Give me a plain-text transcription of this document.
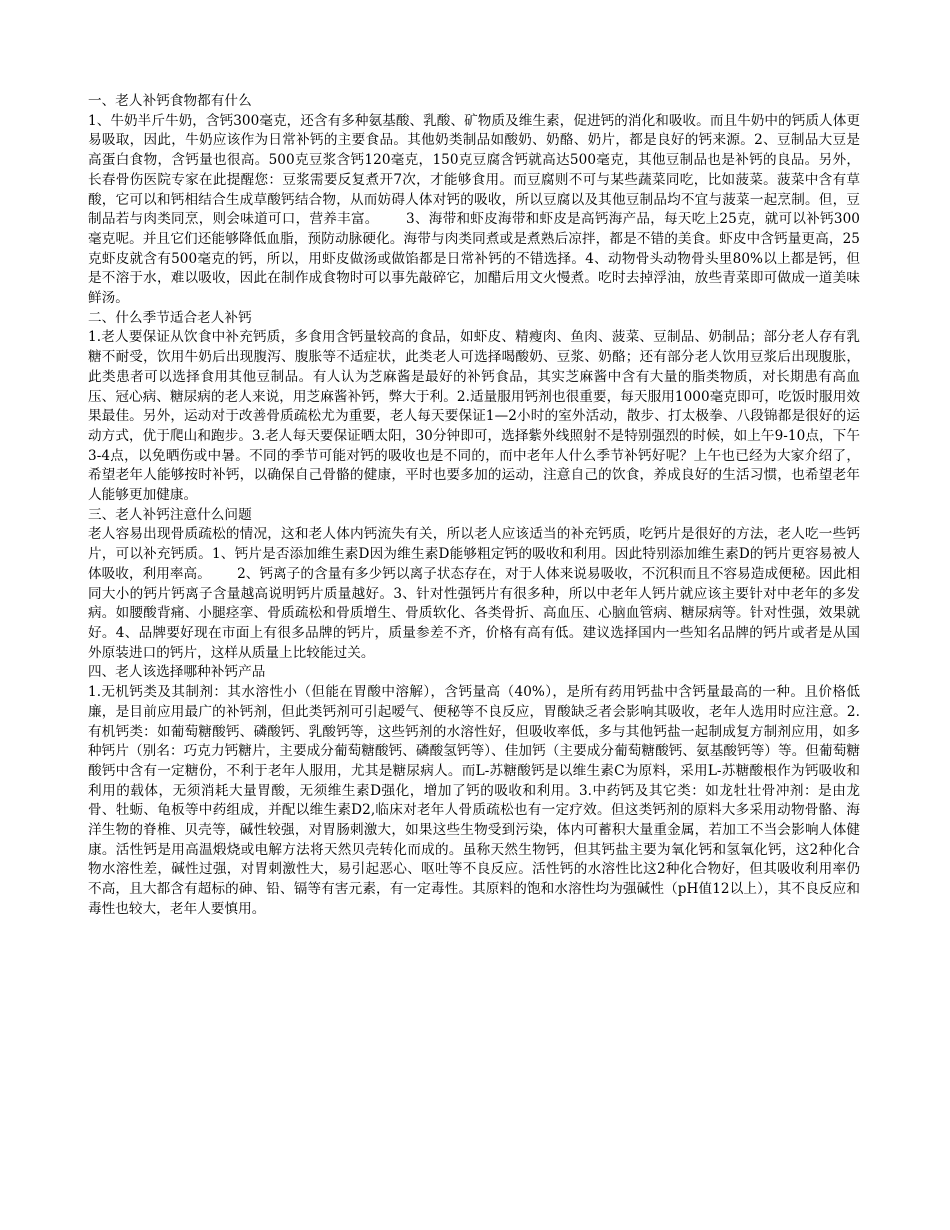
一、老人补钙食物都有什么

1、牛奶半斤牛奶，含钙300毫克，还含有多种氨基酸、乳酸、矿物质及维生素，促进钙的消化和吸收。而且牛奶中的钙质人体更易吸取，因此，牛奶应该作为日常补钙的主要食品。其他奶类制品如酸奶、奶酪、奶片，都是良好的钙来源。2、豆制品大豆是高蛋白食物，含钙量也很高。500克豆浆含钙120毫克，150克豆腐含钙就高达500毫克，其他豆制品也是补钙的良品。另外，长春骨伤医院专家在此提醒您：豆浆需要反复煮开7次，才能够食用。而豆腐则不可与某些蔬菜同吃，比如菠菜。菠菜中含有草酸，它可以和钙相结合生成草酸钙结合物，从而妨碍人体对钙的吸收，所以豆腐以及其他豆制品均不宜与菠菜一起烹制。但，豆制品若与肉类同烹，则会味道可口，营养丰富。      3、海带和虾皮海带和虾皮是高钙海产品，每天吃上25克，就可以补钙300毫克呢。并且它们还能够降低血脂，预防动脉硬化。海带与肉类同煮或是煮熟后凉拌，都是不错的美食。虾皮中含钙量更高，25克虾皮就含有500毫克的钙，所以，用虾皮做汤或做馅都是日常补钙的不错选择。4、动物骨头动物骨头里80%以上都是钙，但是不溶于水，难以吸收，因此在制作成食物时可以事先敲碎它，加醋后用文火慢煮。吃时去掉浮油，放些青菜即可做成一道美味鲜汤。

二、什么季节适合老人补钙

1.老人要保证从饮食中补充钙质，多食用含钙量较高的食品，如虾皮、精瘦肉、鱼肉、菠菜、豆制品、奶制品；部分老人存有乳糖不耐受，饮用牛奶后出现腹泻、腹胀等不适症状，此类老人可选择喝酸奶、豆浆、奶酪；还有部分老人饮用豆浆后出现腹胀，此类患者可以选择食用其他豆制品。有人认为芝麻酱是最好的补钙食品，其实芝麻酱中含有大量的脂类物质，对长期患有高血压、冠心病、糖尿病的老人来说，用芝麻酱补钙，弊大于利。2.适量服用钙剂也很重要，每天服用1000毫克即可，吃饭时服用效果最佳。另外，运动对于改善骨质疏松尤为重要，老人每天要保证1—2小时的室外活动，散步、打太极拳、八段锦都是很好的运动方式，优于爬山和跑步。3.老人每天要保证晒太阳，30分钟即可，选择紫外线照射不是特别强烈的时候，如上午9-10点，下午3-4点，以免晒伤或中暑。不同的季节可能对钙的吸收也是不同的，而中老年人什么季节补钙好呢？上午也已经为大家介绍了，希望老年人能够按时补钙，以确保自己骨骼的健康，平时也要多加的运动，注意自己的饮食，养成良好的生活习惯，也希望老年人能够更加健康。

三、老人补钙注意什么问题

老人容易出现骨质疏松的情况，这和老人体内钙流失有关，所以老人应该适当的补充钙质，吃钙片是很好的方法，老人吃一些钙片，可以补充钙质。1、钙片是否添加维生素D因为维生素D能够粗定钙的吸收和利用。因此特别添加维生素D的钙片更容易被人体吸收，利用率高。      2、钙离子的含量有多少钙以离子状态存在，对于人体来说易吸收，不沉积而且不容易造成便秘。因此相同大小的钙片钙离子含量越高说明钙片质量越好。3、针对性强钙片有很多种，所以中老年人钙片就应该主要针对中老年的多发病。如腰酸背痛、小腿痉挛、骨质疏松和骨质增生、骨质软化、各类骨折、高血压、心脑血管病、糖尿病等。针对性强，效果就好。4、品牌要好现在市面上有很多品牌的钙片，质量参差不齐，价格有高有低。建议选择国内一些知名品牌的钙片或者是从国外原装进口的钙片，这样从质量上比较能过关。

四、老人该选择哪种补钙产品

1.无机钙类及其制剂：其水溶性小（但能在胃酸中溶解），含钙量高（40%），是所有药用钙盐中含钙量最高的一种。且价格低廉，是目前应用最广的补钙剂，但此类钙剂可引起嗳气、便秘等不良反应，胃酸缺乏者会影响其吸收，老年人选用时应注意。2.有机钙类：如葡萄糖酸钙、磷酸钙、乳酸钙等，这些钙剂的水溶性好，但吸收率低，多与其他钙盐一起制成复方制剂应用，如多种钙片（别名：巧克力钙糖片，主要成分葡萄糖酸钙、磷酸氢钙等）、佳加钙（主要成分葡萄糖酸钙、氨基酸钙等）等。但葡萄糖酸钙中含有一定糖份，不利于老年人服用，尤其是糖尿病人。而L-苏糖酸钙是以维生素C为原料，采用L-苏糖酸根作为钙吸收和利用的载体，无须消耗大量胃酸，无须维生素D强化，增加了钙的吸收和利用。3.中药钙及其它类：如龙牡壮骨冲剂：是由龙骨、牡蛎、龟板等中药组成，并配以维生素D2,临床对老年人骨质疏松也有一定疗效。但这类钙剂的原料大多采用动物骨骼、海洋生物的脊椎、贝壳等，碱性较强，对胃肠刺激大，如果这些生物受到污染，体内可蓄积大量重金属，若加工不当会影响人体健康。活性钙是用高温煅烧或电解方法将天然贝壳转化而成的。虽称天然生物钙，但其钙盐主要为氧化钙和氢氧化钙，这2种化合物水溶性差，碱性过强，对胃刺激性大，易引起恶心、呕吐等不良反应。活性钙的水溶性比这2种化合物好，但其吸收利用率仍不高，且大都含有超标的砷、铅、镉等有害元素，有一定毒性。其原料的饱和水溶性均为强碱性（pH值12以上），其不良反应和毒性也较大，老年人要慎用。
